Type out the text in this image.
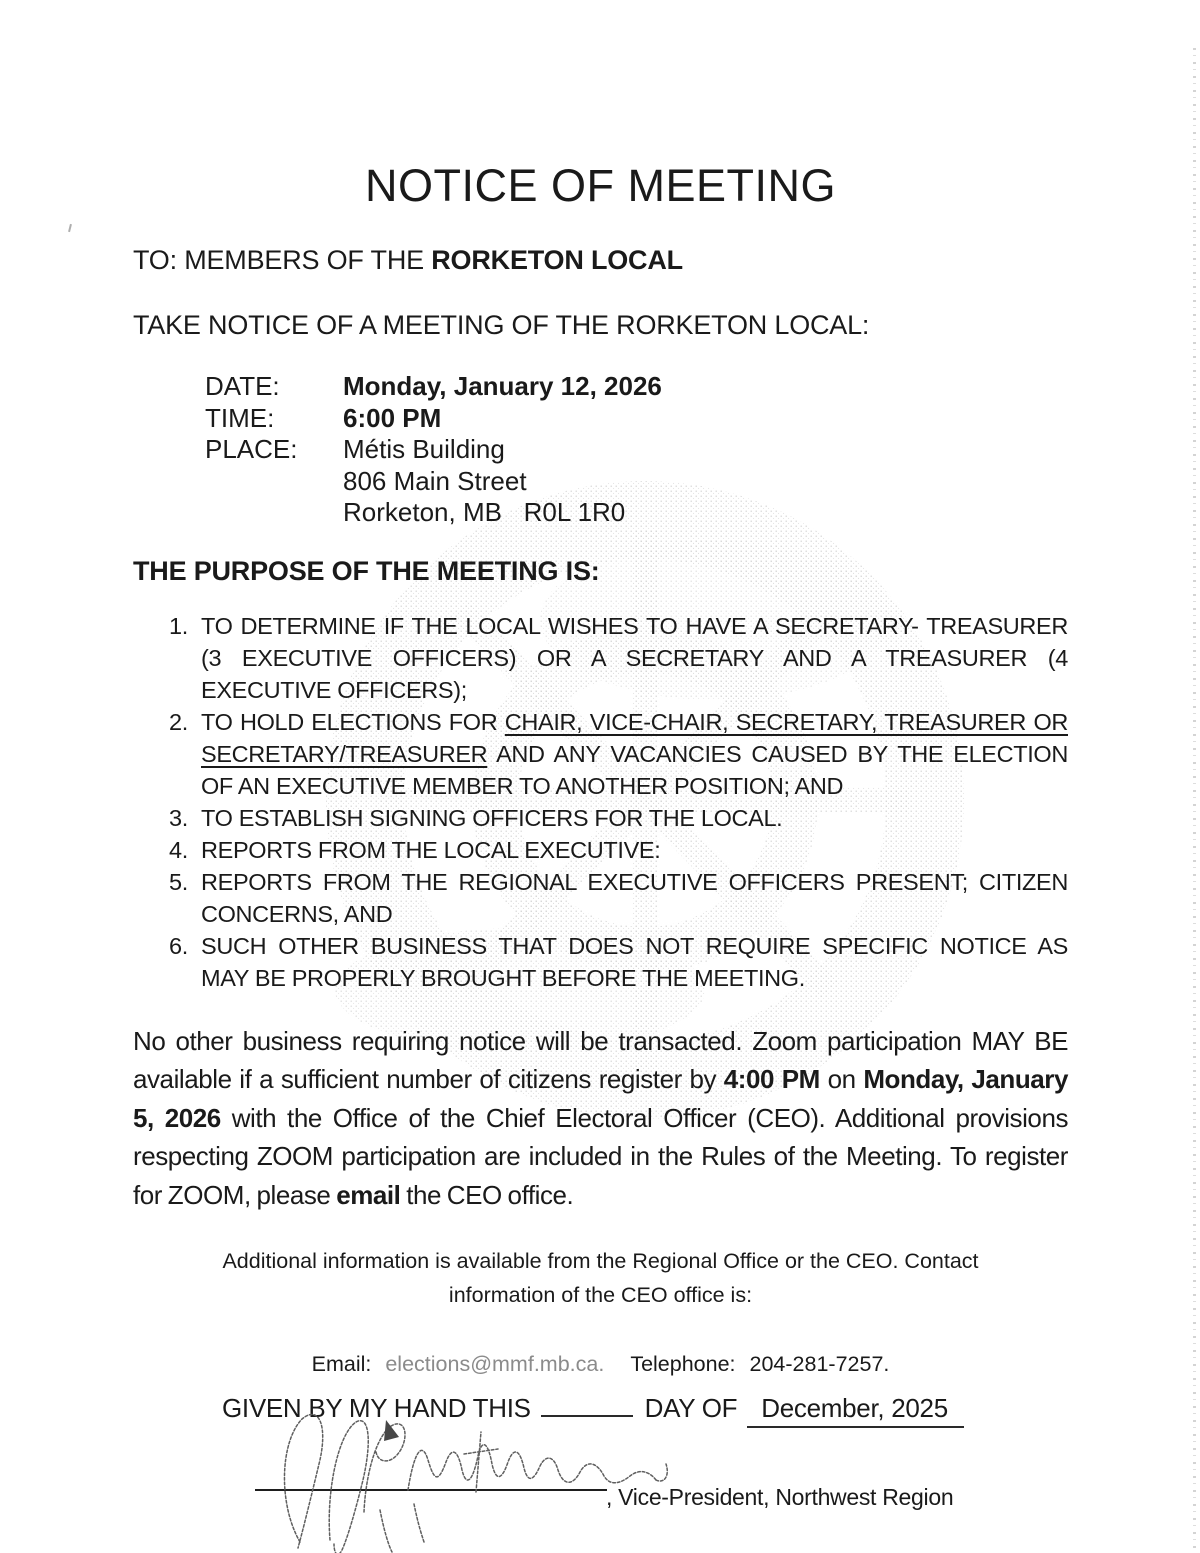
NOTICE OF MEETING

TO: MEMBERS OF THE RORKETON LOCAL

TAKE NOTICE OF A MEETING OF THE RORKETON LOCAL:

DATE: Monday, January 12, 2026
TIME:	6:00 PM
PLACE: Métis Building
806 Main Street
Rorketon, MB   R0L 1R0
THE PURPOSE OF THE MEETING IS:
1. TO DETERMINE IF THE LOCAL WISHES TO HAVE A SECRETARY- TREASURER (3 EXECUTIVE OFFICERS) OR A SECRETARY AND A TREASURER (4 EXECUTIVE OFFICERS);
2. TO HOLD ELECTIONS FOR CHAIR, VICE-CHAIR, SECRETARY, TREASURER OR SECRETARY/TREASURER AND ANY VACANCIES CAUSED BY THE ELECTION OF AN EXECUTIVE MEMBER TO ANOTHER POSITION; AND
3. TO ESTABLISH SIGNING OFFICERS FOR THE LOCAL.
4. REPORTS FROM THE LOCAL EXECUTIVE:
5. REPORTS FROM THE REGIONAL EXECUTIVE OFFICERS PRESENT; CITIZEN CONCERNS, AND
6. SUCH OTHER BUSINESS THAT DOES NOT REQUIRE SPECIFIC NOTICE AS MAY BE PROPERLY BROUGHT BEFORE THE MEETING.

No other business requiring notice will be transacted. Zoom participation MAY BE available if a sufficient number of citizens register by 4:00 PM on Monday, January 5, 2026 with the Office of the Chief Electoral Officer (CEO). Additional provisions respecting ZOOM participation are included in the Rules of the Meeting. To register for ZOOM, please email the CEO office.

Additional information is available from the Regional Office or the CEO. Contact information of the CEO office is:

Email: elections@mmf.mb.ca. Telephone: 204-281-7257.

GIVEN BY MY HAND THIS	DAY OF December, 2025
, Vice-President, Northwest Region
